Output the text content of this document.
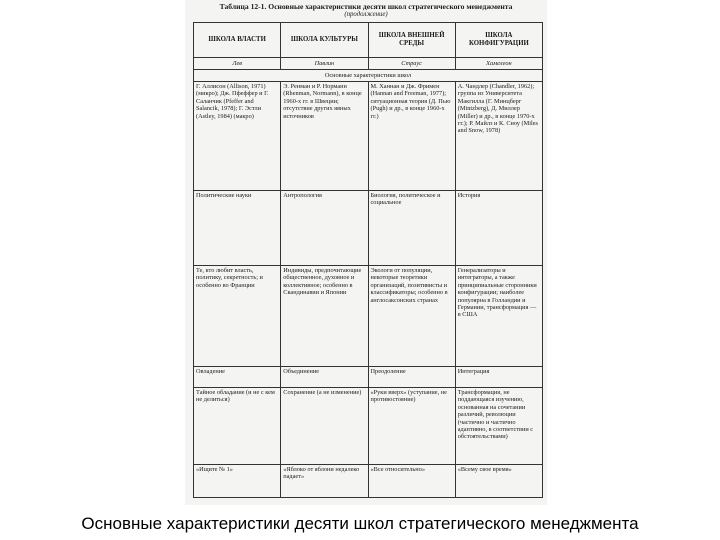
Таблица 12-1. Основные характеристики десяти школ стратегического менеджмента
(продолжение)
ШКОЛА ВЛАСТИ	ШКОЛА КУЛЬТУРЫ	ШКОЛА ВНЕШНЕЙ СРЕДЫ	ШКОЛА КОНФИГУРАЦИИ
Лев	Павлин	Страус	Хамелеон
Основные характеристики школ			
Г. Аллисон (Allison, 1971) (микро); Дж. Пфеффер и Г. Саланчик (Pfeffer and Salancik, 1978); Г. Эстли (Astley, 1984) (макро)	Э. Ренман и Р. Норманн (Rhenman, Normann), в конце 1960-х гг. в Швеции; отсутствие других явных источников	М. Ханнан и Дж. Фримен (Hannan and Freeman, 1977); ситуационная теория (Д. Пью (Pugh) и др., в конце 1960-х гг.)	А. Чандлер (Chandler, 1962); группа из Университета Макгилла (Г. Минцберг (Mintzberg), Д. Миллер (Miller) и др., в конце 1970-х гг.); Р. Майлз и К. Сноу (Miles and Snow, 1978)
Политические науки	Антропология	Биология, политическое и социальное	История
Те, кто любит власть, политику, секретность; и особенно во Франции	Индивиды, предпочитающие общественное, духовное и коллективное; особенно в Скандинавии и Японии	Экологи от популяции, некоторые теоретики организаций, позитивисты и классификаторы; особенно в англосаксонских странах	Генерализаторы и интеграторы, а также принципиальные сторонники конфигурации; наиболее популярна в Голландии и Германии, трансформация — в США
Овладение	Объединение	Преодоление	Интеграция
Тайное обладание (и не с кем не делиться)	Сохранение (а не изменение)	«Руки вверх» (уступание, не противостояние)	Трансформация, не поддающаяся изучению, основанная на сочетании различий, революции (частично и частично адаптивно, в соответствии с обстоятельствами)
«Ищите № 1»	«Яблоко от яблони недалеко падает»	«Все относительно»	«Всему свое время»
Основные характеристики десяти школ стратегического менеджмента
